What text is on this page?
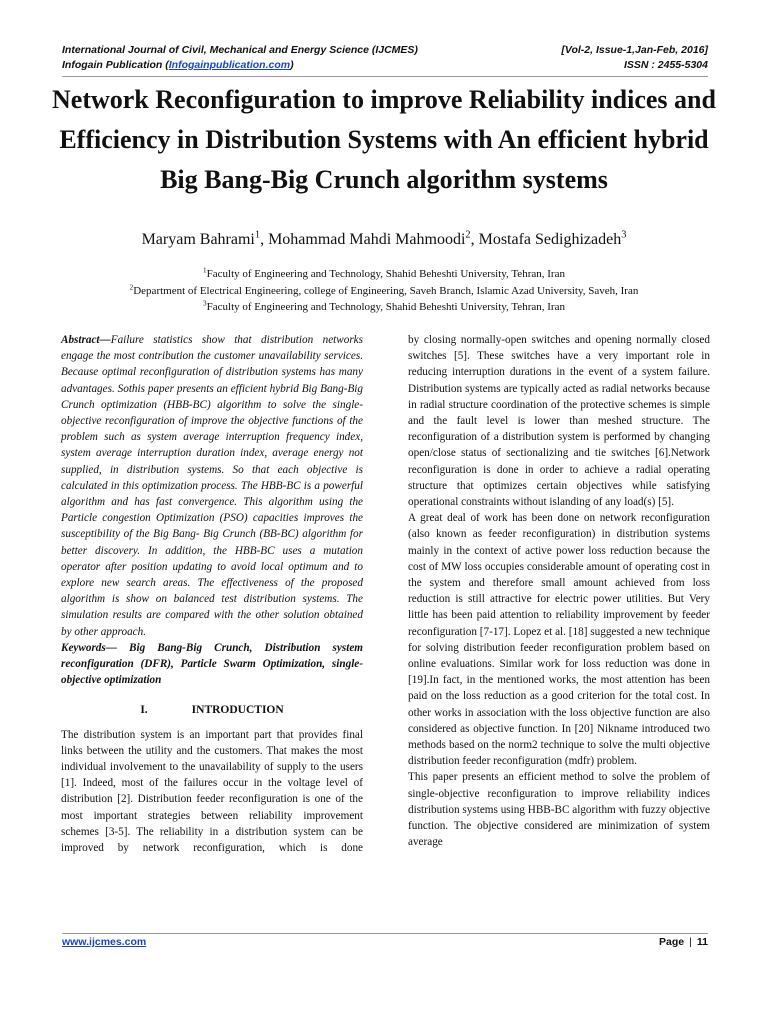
International Journal of Civil, Mechanical and Energy Science (IJCMES)	[Vol-2, Issue-1,Jan-Feb, 2016]
Infogain Publication (Infogainpublication.com)	ISSN : 2455-5304
Network Reconfiguration to improve Reliability indices and Efficiency in Distribution Systems with An efficient hybrid Big Bang-Big Crunch algorithm systems
Maryam Bahrami$^1$, Mohammad Mahdi Mahmoodi$^2$, Mostafa Sedighizadeh$^3$
$^1$Faculty of Engineering and Technology, Shahid Beheshti University, Tehran, Iran
$^2$Department of Electrical Engineering, college of Engineering, Saveh Branch, Islamic Azad University, Saveh, Iran
$^3$Faculty of Engineering and Technology, Shahid Beheshti University, Tehran, Iran

Abstract—Failure statistics show that distribution networks engage the most contribution the customer unavailability services. Because optimal reconfiguration of distribution systems has many advantages. Sothis paper presents an efficient hybrid Big Bang-Big Crunch optimization (HBB-BC) algorithm to solve the single-objective reconfiguration of improve the objective functions of the problem such as system average interruption frequency index, system average interruption duration index, average energy not supplied, in distribution systems. So that each objective is calculated in this optimization process. The HBB-BC is a powerful algorithm and has fast convergence. This algorithm using the Particle congestion Optimization (PSO) capacities improves the susceptibility of the Big Bang- Big Crunch (BB-BC) algorithm for better discovery. In addition, the HBB-BC uses a mutation operator after position updating to avoid local optimum and to explore new search areas. The effectiveness of the proposed algorithm is show on balanced test distribution systems. The simulation results are compared with the other solution obtained by other approach.

Keywords— Big Bang-Big Crunch, Distribution system reconfiguration (DFR), Particle Swarm Optimization, single-objective optimization

I.	INTRODUCTION

The distribution system is an important part that provides final links between the utility and the customers. That makes the most individual involvement to the unavailability of supply to the users [1]. Indeed, most of the failures occur in the voltage level of distribution [2]. Distribution feeder reconfiguration is one of the most important strategies between reliability improvement schemes [3-5]. The reliability in a distribution system can be improved by network reconfiguration, which is done

by closing normally-open switches and opening normally closed switches [5]. These switches have a very important role in reducing interruption durations in the event of a system failure. Distribution systems are typically acted as radial networks because in radial structure coordination of the protective schemes is simple and the fault level is lower than meshed structure. The reconfiguration of a distribution system is performed by changing open/close status of sectionalizing and tie switches [6].Network reconfiguration is done in order to achieve a radial operating structure that optimizes certain objectives while satisfying operational constraints without islanding of any load(s) [5].

A great deal of work has been done on network reconfiguration (also known as feeder reconfiguration) in distribution systems mainly in the context of active power loss reduction because the cost of MW loss occupies considerable amount of operating cost in the system and therefore small amount achieved from loss reduction is still attractive for electric power utilities. But Very little has been paid attention to reliability improvement by feeder reconfiguration [7-17]. Lopez et al. [18] suggested a new technique for solving distribution feeder reconfiguration problem based on online evaluations. Similar work for loss reduction was done in [19].In fact, in the mentioned works, the most attention has been paid on the loss reduction as a good criterion for the total cost. In other works in association with the loss objective function are also considered as objective function. In [20] Nikname introduced two methods based on the norm2 technique to solve the multi objective distribution feeder reconfiguration (mdfr) problem.

This paper presents an efficient method to solve the problem of single-objective reconfiguration to improve reliability indices distribution systems using HBB-BC algorithm with fuzzy objective function. The objective considered are minimization of system average

www.ijcmes.com	Page | 11
